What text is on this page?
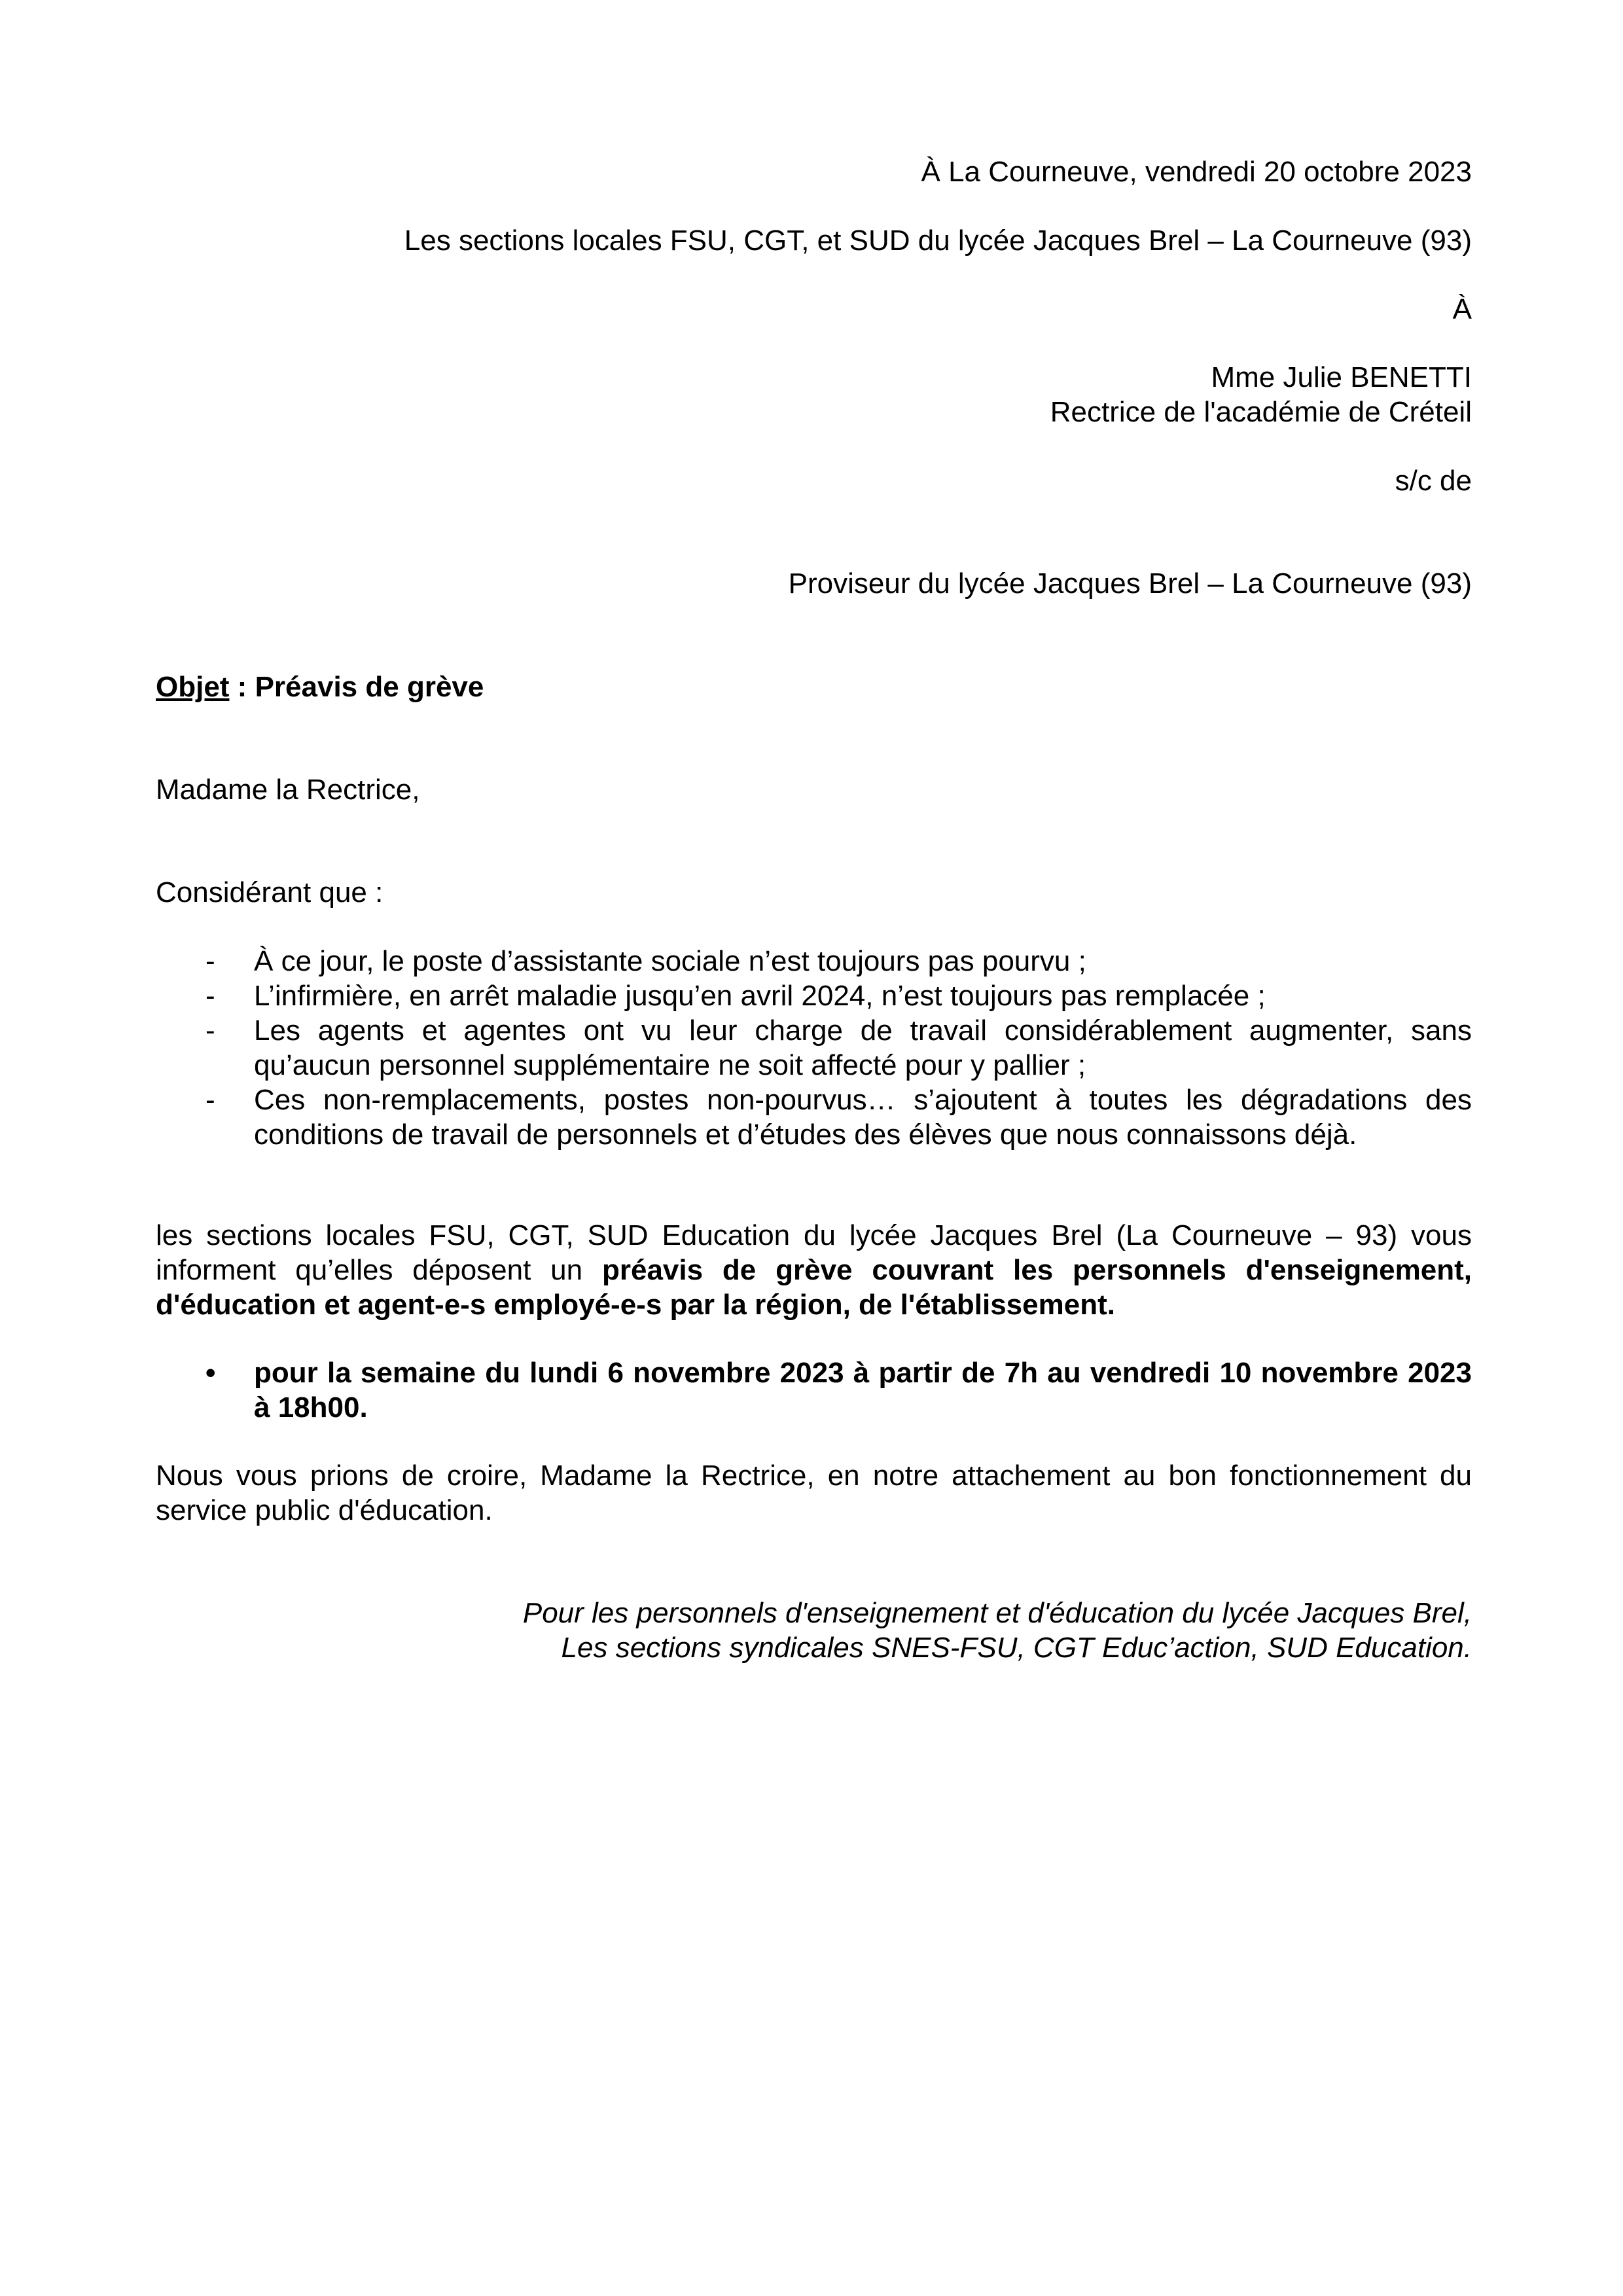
À La Courneuve, vendredi 20 octobre 2023
Les sections locales FSU, CGT, et SUD du lycée Jacques Brel – La Courneuve (93)
À
Mme Julie BENETTI
Rectrice de l'académie de Créteil
s/c de
Proviseur du lycée Jacques Brel – La Courneuve (93)
Objet : Préavis de grève
Madame la Rectrice,
Considérant que :
- À ce jour, le poste d’assistante sociale n’est toujours pas pourvu ;
- L’infirmière, en arrêt maladie jusqu’en avril 2024, n’est toujours pas remplacée ;
- Les agents et agentes ont vu leur charge de travail considérablement augmenter, sans qu’aucun personnel supplémentaire ne soit affecté pour y pallier ;
- Ces non-remplacements, postes non-pourvus… s’ajoutent à toutes les dégradations des conditions de travail de personnels et d’études des élèves que nous connaissons déjà.
les sections locales FSU, CGT, SUD Education du lycée Jacques Brel (La Courneuve – 93) vous informent qu’elles déposent un préavis de grève couvrant les personnels d'enseignement, d'éducation et agent-e-s employé-e-s par la région, de l'établissement.
•	pour la semaine du lundi 6 novembre 2023 à partir de 7h au vendredi 10 novembre 2023 à 18h00.
Nous vous prions de croire, Madame la Rectrice, en notre attachement au bon fonctionnement du service public d'éducation.
Pour les personnels d'enseignement et d'éducation du lycée Jacques Brel,
Les sections syndicales SNES-FSU, CGT Educ’action, SUD Education.
